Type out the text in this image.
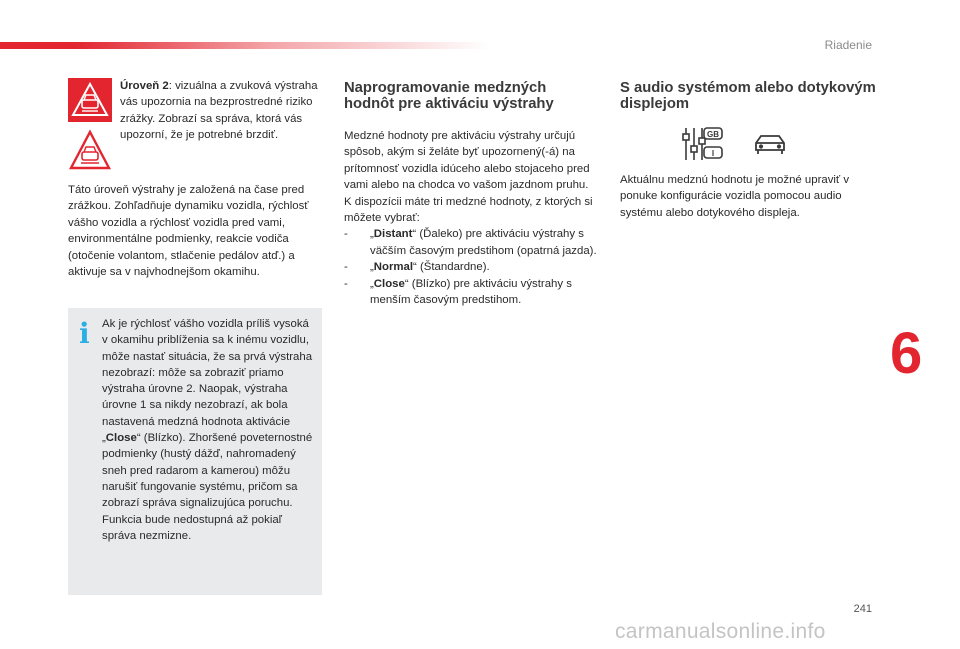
Riadenie
6
Úroveň 2: vizuálna a zvuková výstraha vás upozornia na bezprostredné riziko zrážky. Zobrazí sa správa, ktorá vás upozorní, že je potrebné brzdiť.
Táto úroveň výstrahy je založená na čase pred zrážkou. Zohľadňuje dynamiku vozidla, rýchlosť vášho vozidla a rýchlosť vozidla pred vami, environmentálne podmienky, reakcie vodiča (otočenie volantom, stlačenie pedálov atď.) a aktivuje sa v najvhodnejšom okamihu.
i Ak je rýchlosť vášho vozidla príliš vysoká v okamihu priblíženia sa k inému vozidlu, môže nastať situácia, že sa prvá výstraha nezobrazí: môže sa zobraziť priamo výstraha úrovne 2. Naopak, výstraha úrovne 1 sa nikdy nezobrazí, ak bola nastavená medzná hodnota aktivácie „Close“ (Blízko). Zhoršené poveternostné podmienky (hustý dážď, nahromadený sneh pred radarom a kamerou) môžu narušiť fungovanie systému, pričom sa zobrazí správa signalizujúca poruchu. Funkcia bude nedostupná až pokiaľ správa nezmizne.
Naprogramovanie medzných hodnôt pre aktiváciu výstrahy
Medzné hodnoty pre aktiváciu výstrahy určujú spôsob, akým si želáte byť upozornený(-á) na prítomnosť vozidla idúceho alebo stojaceho pred vami alebo na chodca vo vašom jazdnom pruhu.
K dispozícii máte tri medzné hodnoty, z ktorých si môžete vybrať:
- „Distant“ (Ďaleko) pre aktiváciu výstrahy s väčším časovým predstihom (opatrná jazda).
- „Normal“ (Štandardne).
- „Close“ (Blízko) pre aktiváciu výstrahy s menším časovým predstihom.
S audio systémom alebo dotykovým displejom
GB
I
Aktuálnu medznú hodnotu je možné upraviť v ponuke konfigurácie vozidla pomocou audio systému alebo dotykového displeja.
241
carmanualsonline.info
